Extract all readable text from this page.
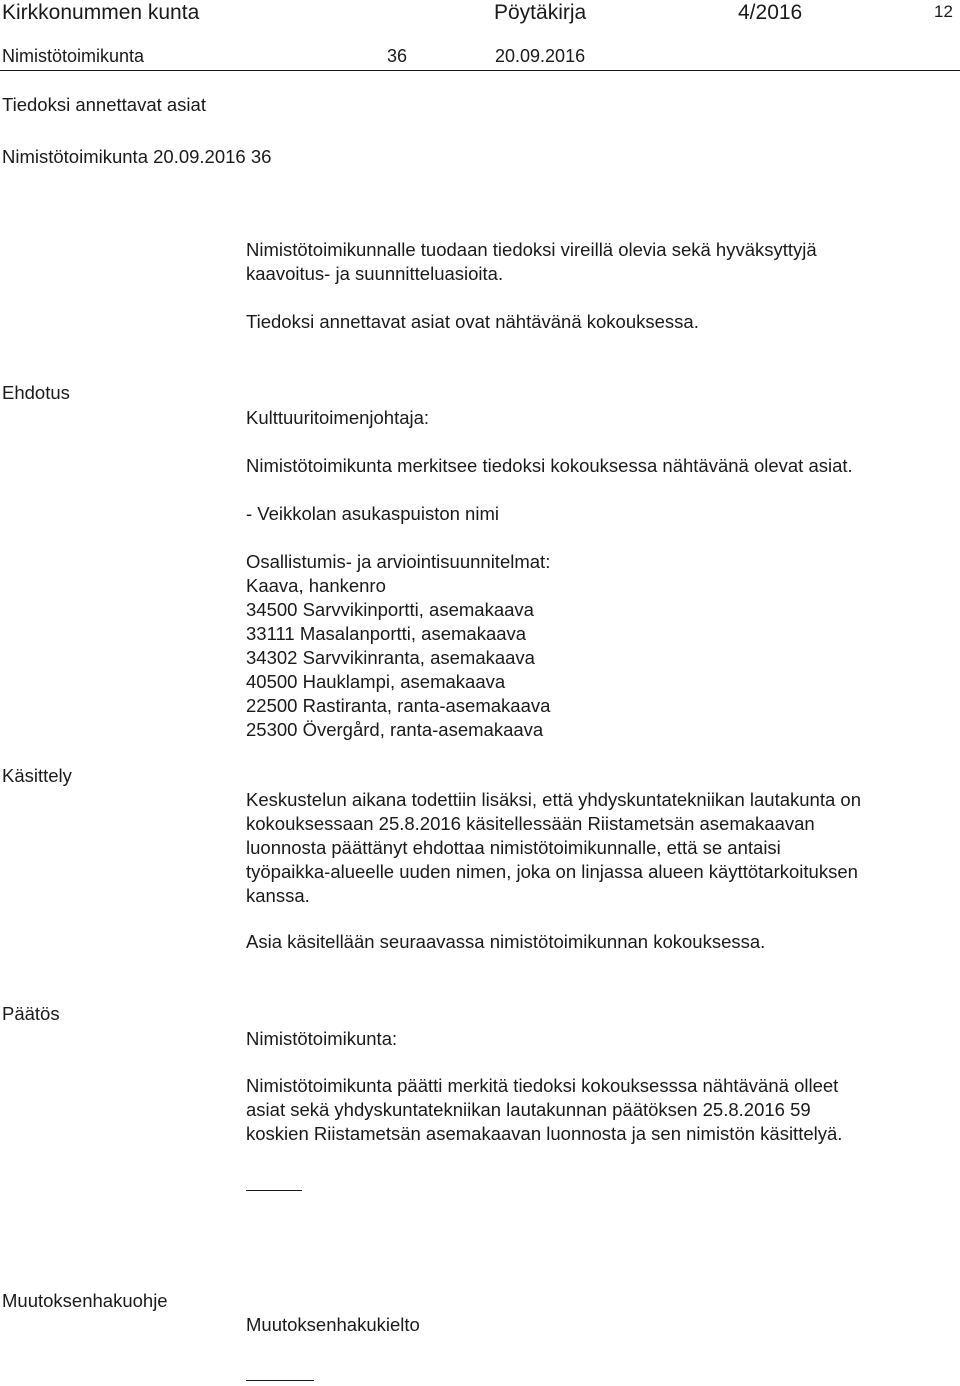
Kirkkonummen kunta	Pöytäkirja	4/2016	12
Nimistötoimikunta	36	20.09.2016
Tiedoksi annettavat asiat
Nimistötoimikunta 20.09.2016 36
Nimistötoimikunnalle tuodaan tiedoksi vireillä olevia sekä hyväksyttyjä
kaavoitus- ja suunnitteluasioita.
Tiedoksi annettavat asiat ovat nähtävänä kokouksessa.
Ehdotus
Kulttuuritoimenjohtaja:
Nimistötoimikunta merkitsee tiedoksi kokouksessa nähtävänä olevat asiat.
- Veikkolan asukaspuiston nimi
Osallistumis- ja arviointisuunnitelmat:
Kaava, hankenro
34500 Sarvvikinportti, asemakaava
33111 Masalanportti, asemakaava
34302 Sarvvikinranta, asemakaava
40500 Hauklampi, asemakaava
22500 Rastiranta, ranta-asemakaava
25300 Övergård, ranta-asemakaava
Käsittely
Keskustelun aikana todettiin lisäksi, että yhdyskuntatekniikan lautakunta on
kokouksessaan 25.8.2016 käsitellessään Riistametsän asemakaavan
luonnosta päättänyt ehdottaa nimistötoimikunnalle, että se antaisi
työpaikka-alueelle uuden nimen, joka on linjassa alueen käyttötarkoituksen
kanssa.
Asia käsitellään seuraavassa nimistötoimikunnan kokouksessa.
Päätös
Nimistötoimikunta:
Nimistötoimikunta päätti merkitä tiedoksi kokouksesssa nähtävänä olleet
asiat sekä yhdyskuntatekniikan lautakunnan päätöksen 25.8.2016 59
koskien Riistametsän asemakaavan luonnosta ja sen nimistön käsittelyä.
Muutoksenhakuohje
Muutoksenhakukielto
